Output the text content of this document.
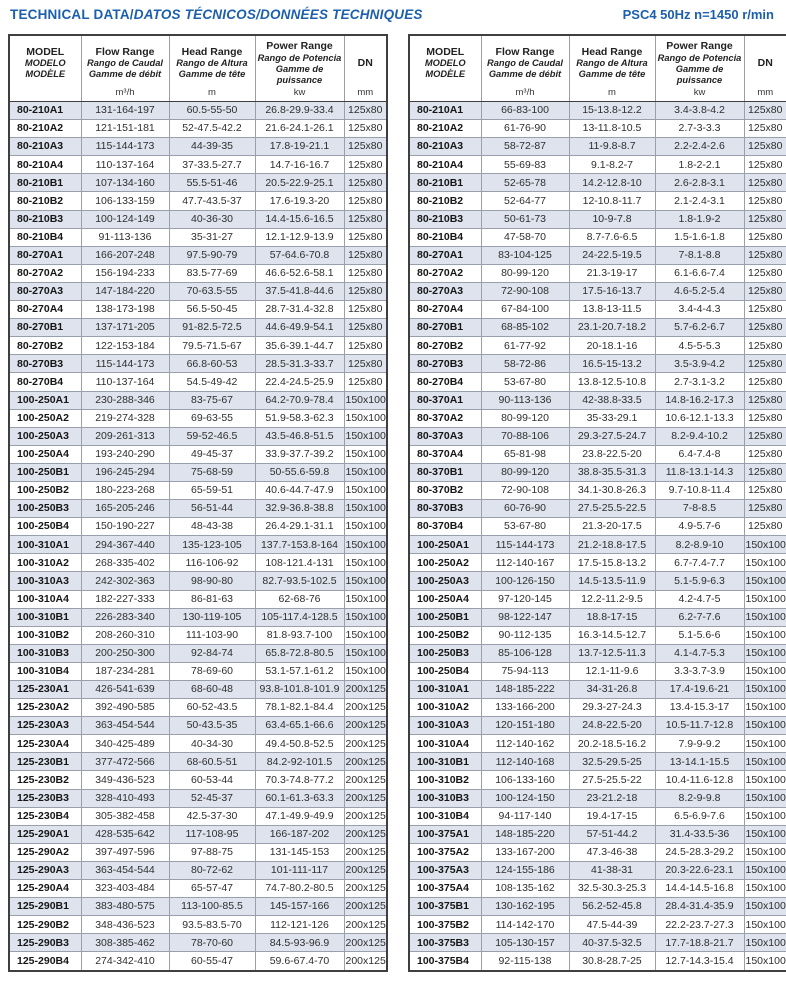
TECHNICAL DATA/DATOS TÉCNICOS/DONNÉES TECHNIQUES	PSC4 50Hz n=1450 r/min
MODEL
MODELO
MODÈLE

Flow Range
Rango de Caudal
Gamme de débit
m³/h

Head Range
Rango de Altura
Gamme de tête
m

Power Range
Rango de Potencia
Gamme de puissance
kw

DN
mm

80-210A1	131-164-197	60.5-55-50	26.8-29.9-33.4	125x80
80-210A2	121-151-181	52-47.5-42.2	21.6-24.1-26.1	125x80
80-210A3	115-144-173	44-39-35	17.8-19-21.1	125x80
80-210A4	110-137-164	37-33.5-27.7	14.7-16-16.7	125x80
80-210B1	107-134-160	55.5-51-46	20.5-22.9-25.1	125x80
80-210B2	106-133-159	47.7-43.5-37	17.6-19.3-20	125x80
80-210B3	100-124-149	40-36-30	14.4-15.6-16.5	125x80
80-210B4	91-113-136	35-31-27	12.1-12.9-13.9	125x80
80-270A1	166-207-248	97.5-90-79	57-64.6-70.8	125x80
80-270A2	156-194-233	83.5-77-69	46.6-52.6-58.1	125x80
80-270A3	147-184-220	70-63.5-55	37.5-41.8-44.6	125x80
80-270A4	138-173-198	56.5-50-45	28.7-31.4-32.8	125x80
80-270B1	137-171-205	91-82.5-72.5	44.6-49.9-54.1	125x80
80-270B2	122-153-184	79.5-71.5-67	35.6-39.1-44.7	125x80
80-270B3	115-144-173	66.8-60-53	28.5-31.3-33.7	125x80
80-270B4	110-137-164	54.5-49-42	22.4-24.5-25.9	125x80
100-250A1	230-288-346	83-75-67	64.2-70.9-78.4	150x100
100-250A2	219-274-328	69-63-55	51.9-58.3-62.3	150x100
100-250A3	209-261-313	59-52-46.5	43.5-46.8-51.5	150x100
100-250A4	193-240-290	49-45-37	33.9-37.7-39.2	150x100
100-250B1	196-245-294	75-68-59	50-55.6-59.8	150x100
100-250B2	180-223-268	65-59-51	40.6-44.7-47.9	150x100
100-250B3	165-205-246	56-51-44	32.9-36.8-38.8	150x100
100-250B4	150-190-227	48-43-38	26.4-29.1-31.1	150x100
100-310A1	294-367-440	135-123-105	137.7-153.8-164	150x100
100-310A2	268-335-402	116-106-92	108-121.4-131	150x100
100-310A3	242-302-363	98-90-80	82.7-93.5-102.5	150x100
100-310A4	182-227-333	86-81-63	62-68-76	150x100
100-310B1	226-283-340	130-119-105	105-117.4-128.5	150x100
100-310B2	208-260-310	111-103-90	81.8-93.7-100	150x100
100-310B3	200-250-300	92-84-74	65.8-72.8-80.5	150x100
100-310B4	187-234-281	78-69-60	53.1-57.1-61.2	150x100
125-230A1	426-541-639	68-60-48	93.8-101.8-101.9	200x125
125-230A2	392-490-585	60-52-43.5	78.1-82.1-84.4	200x125
125-230A3	363-454-544	50-43.5-35	63.4-65.1-66.6	200x125
125-230A4	340-425-489	40-34-30	49.4-50.8-52.5	200x125
125-230B1	377-472-566	68-60.5-51	84.2-92-101.5	200x125
125-230B2	349-436-523	60-53-44	70.3-74.8-77.2	200x125
125-230B3	328-410-493	52-45-37	60.1-61.3-63.3	200x125
125-230B4	305-382-458	42.5-37-30	47.1-49.9-49.9	200x125
125-290A1	428-535-642	117-108-95	166-187-202	200x125
125-290A2	397-497-596	97-88-75	131-145-153	200x125
125-290A3	363-454-544	80-72-62	101-111-117	200x125
125-290A4	323-403-484	65-57-47	74.7-80.2-80.5	200x125
125-290B1	383-480-575	113-100-85.5	145-157-166	200x125
125-290B2	348-436-523	93.5-83.5-70	112-121-126	200x125
125-290B3	308-385-462	78-70-60	84.5-93-96.9	200x125
125-290B4	274-342-410	60-55-47	59.6-67.4-70	200x125
MODEL
MODELO
MODÈLE

Flow Range
Rango de Caudal
Gamme de débit
m³/h

Head Range
Rango de Altura
Gamme de tête
m

Power Range
Rango de Potencia
Gamme de puissance
kw

DN
mm

80-210A1	66-83-100	15-13.8-12.2	3.4-3.8-4.2	125x80
80-210A2	61-76-90	13-11.8-10.5	2.7-3-3.3	125x80
80-210A3	58-72-87	11-9.8-8.7	2.2-2.4-2.6	125x80
80-210A4	55-69-83	9.1-8.2-7	1.8-2-2.1	125x80
80-210B1	52-65-78	14.2-12.8-10	2.6-2.8-3.1	125x80
80-210B2	52-64-77	12-10.8-11.7	2.1-2.4-3.1	125x80
80-210B3	50-61-73	10-9-7.8	1.8-1.9-2	125x80
80-210B4	47-58-70	8.7-7.6-6.5	1.5-1.6-1.8	125x80
80-270A1	83-104-125	24-22.5-19.5	7-8.1-8.8	125x80
80-270A2	80-99-120	21.3-19-17	6.1-6.6-7.4	125x80
80-270A3	72-90-108	17.5-16-13.7	4.6-5.2-5.4	125x80
80-270A4	67-84-100	13.8-13-11.5	3.4-4-4.3	125x80
80-270B1	68-85-102	23.1-20.7-18.2	5.7-6.2-6.7	125x80
80-270B2	61-77-92	20-18.1-16	4.5-5-5.3	125x80
80-270B3	58-72-86	16.5-15-13.2	3.5-3.9-4.2	125x80
80-270B4	53-67-80	13.8-12.5-10.8	2.7-3.1-3.2	125x80
80-370A1	90-113-136	42-38.8-33.5	14.8-16.2-17.3	125x80
80-370A2	80-99-120	35-33-29.1	10.6-12.1-13.3	125x80
80-370A3	70-88-106	29.3-27.5-24.7	8.2-9.4-10.2	125x80
80-370A4	65-81-98	23.8-22.5-20	6.4-7.4-8	125x80
80-370B1	80-99-120	38.8-35.5-31.3	11.8-13.1-14.3	125x80
80-370B2	72-90-108	34.1-30.8-26.3	9.7-10.8-11.4	125x80
80-370B3	60-76-90	27.5-25.5-22.5	7-8-8.5	125x80
80-370B4	53-67-80	21.3-20-17.5	4.9-5.7-6	125x80
100-250A1	115-144-173	21.2-18.8-17.5	8.2-8.9-10	150x100
100-250A2	112-140-167	17.5-15.8-13.2	6.7-7.4-7.7	150x100
100-250A3	100-126-150	14.5-13.5-11.9	5.1-5.9-6.3	150x100
100-250A4	97-120-145	12.2-11.2-9.5	4.2-4.7-5	150x100
100-250B1	98-122-147	18.8-17-15	6.2-7-7.6	150x100
100-250B2	90-112-135	16.3-14.5-12.7	5.1-5.6-6	150x100
100-250B3	85-106-128	13.7-12.5-11.3	4.1-4.7-5.3	150x100
100-250B4	75-94-113	12.1-11-9.6	3.3-3.7-3.9	150x100
100-310A1	148-185-222	34-31-26.8	17.4-19.6-21	150x100
100-310A2	133-166-200	29.3-27-24.3	13.4-15.3-17	150x100
100-310A3	120-151-180	24.8-22.5-20	10.5-11.7-12.8	150x100
100-310A4	112-140-162	20.2-18.5-16.2	7.9-9-9.2	150x100
100-310B1	112-140-168	32.5-29.5-25	13-14.1-15.5	150x100
100-310B2	106-133-160	27.5-25.5-22	10.4-11.6-12.8	150x100
100-310B3	100-124-150	23-21.2-18	8.2-9-9.8	150x100
100-310B4	94-117-140	19.4-17-15	6.5-6.9-7.6	150x100
100-375A1	148-185-220	57-51-44.2	31.4-33.5-36	150x100
100-375A2	133-167-200	47.3-46-38	24.5-28.3-29.2	150x100
100-375A3	124-155-186	41-38-31	20.3-22.6-23.1	150x100
100-375A4	108-135-162	32.5-30.3-25.3	14.4-14.5-16.8	150x100
100-375B1	130-162-195	56.2-52-45.8	28.4-31.4-35.9	150x100
100-375B2	114-142-170	47.5-44-39	22.2-23.7-27.3	150x100
100-375B3	105-130-157	40-37.5-32.5	17.7-18.8-21.7	150x100
100-375B4	92-115-138	30.8-28.7-25	12.7-14.3-15.4	150x100
